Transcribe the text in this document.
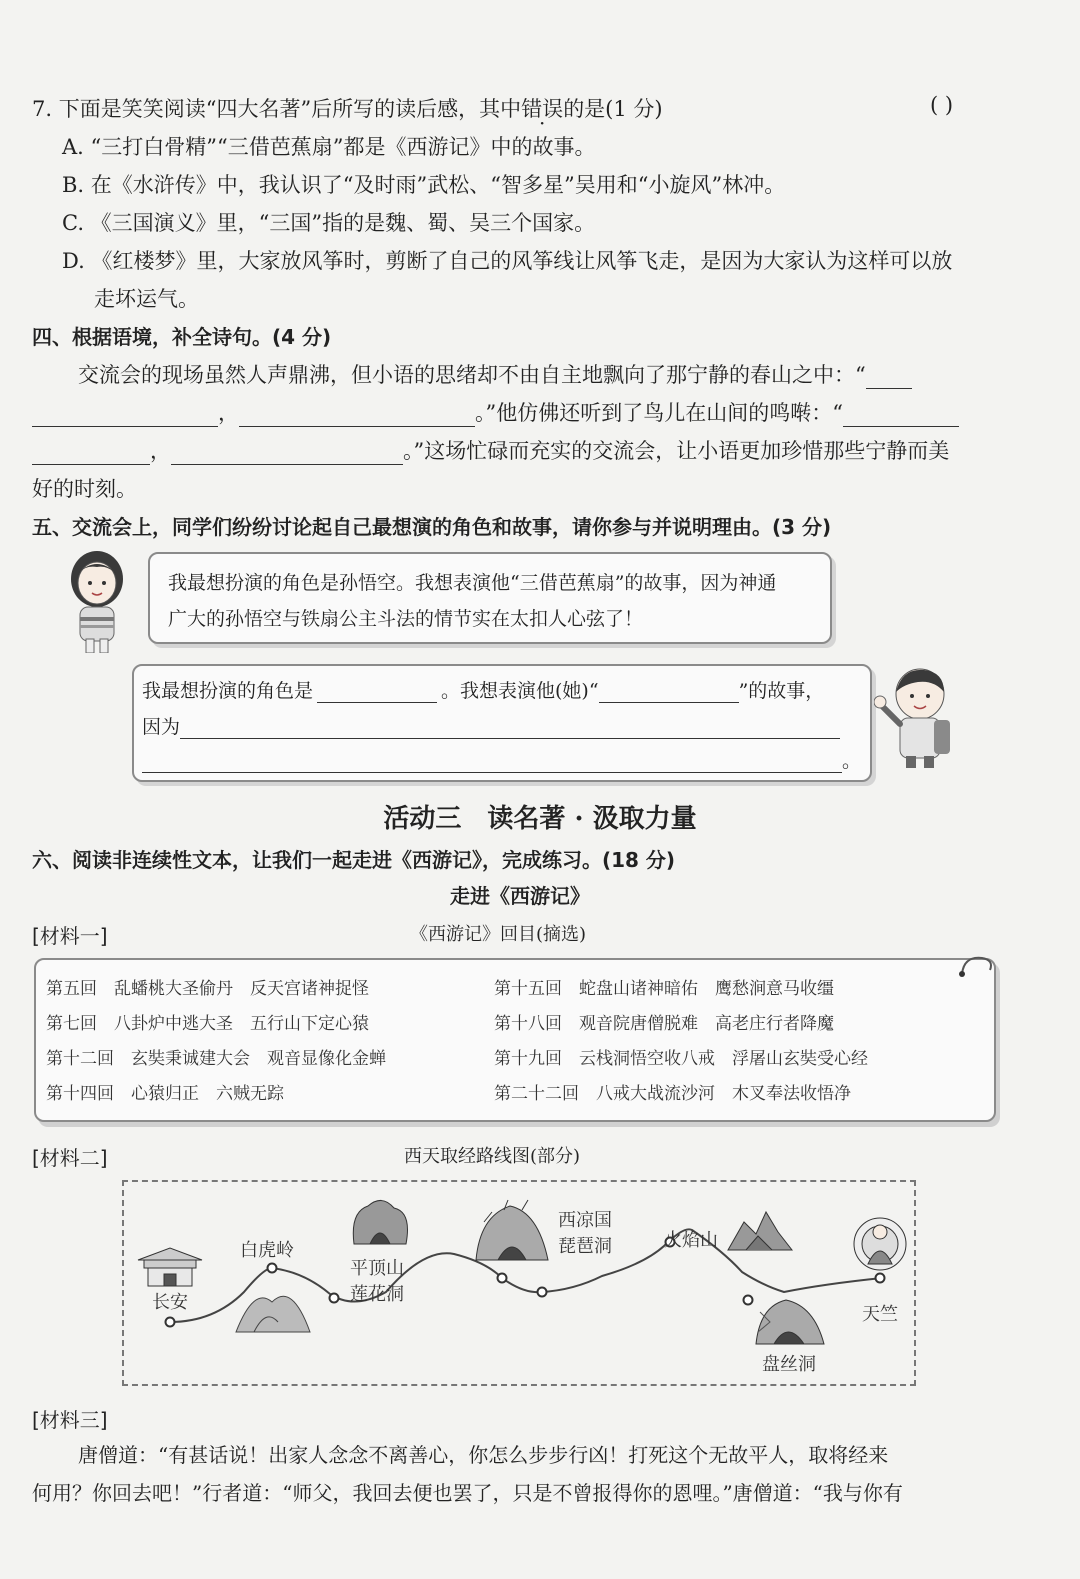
7. 下面是笑笑阅读“四大名著”后所写的读后感，其中错误的是(1 分)	( )
A. “三打白骨精”“三借芭蕉扇”都是《西游记》中的故事。
B. 在《水浒传》中，我认识了“及时雨”武松、“智多星”吴用和“小旋风”林冲。
C. 《三国演义》里，“三国”指的是魏、蜀、吴三个国家。
D. 《红楼梦》里，大家放风筝时，剪断了自己的风筝线让风筝飞走，是因为大家认为这样可以放
走坏运气。
四、根据语境，补全诗句。(4 分)
交流会的现场虽然人声鼎沸，但小语的思绪却不由自主地飘向了那宁静的春山之中：“
，	。”他仿佛还听到了鸟儿在山间的鸣啭：“
，	。”这场忙碌而充实的交流会，让小语更加珍惜那些宁静而美
好的时刻。
五、交流会上，同学们纷纷讨论起自己最想演的角色和故事，请你参与并说明理由。(3 分)
我最想扮演的角色是孙悟空。我想表演他“三借芭蕉扇”的故事，因为神通
广大的孙悟空与铁扇公主斗法的情节实在太扣人心弦了！
我最想扮演的角色是	。我想表演他(她)“	”的故事，
因为
。
活动三　读名著 · 汲取力量
六、阅读非连续性文本，让我们一起走进《西游记》，完成练习。(18 分)
走进《西游记》
[材料一]	《西游记》回目(摘选)
第五回　乱蟠桃大圣偷丹　反天宫诸神捉怪
第七回　八卦炉中逃大圣　五行山下定心猿
第十二回　玄奘秉诚建大会　观音显像化金蝉
第十四回　心猿归正　六贼无踪
第十五回　蛇盘山诸神暗佑　鹰愁涧意马收缰
第十八回　观音院唐僧脱难　高老庄行者降魔
第十九回　云栈洞悟空收八戒　浮屠山玄奘受心经
第二十二回　八戒大战流沙河　木叉奉法收悟净
[材料二]	西天取经路线图(部分)
长安
白虎岭
平顶山
莲花洞
西凉国
琵琶洞	火焰山
盘丝洞
天竺
[材料三]
唐僧道：“有甚话说！出家人念念不离善心，你怎么步步行凶！打死这个无故平人，取将经来
何用？你回去吧！”行者道：“师父，我回去便也罢了，只是不曾报得你的恩哩。”唐僧道：“我与你有
